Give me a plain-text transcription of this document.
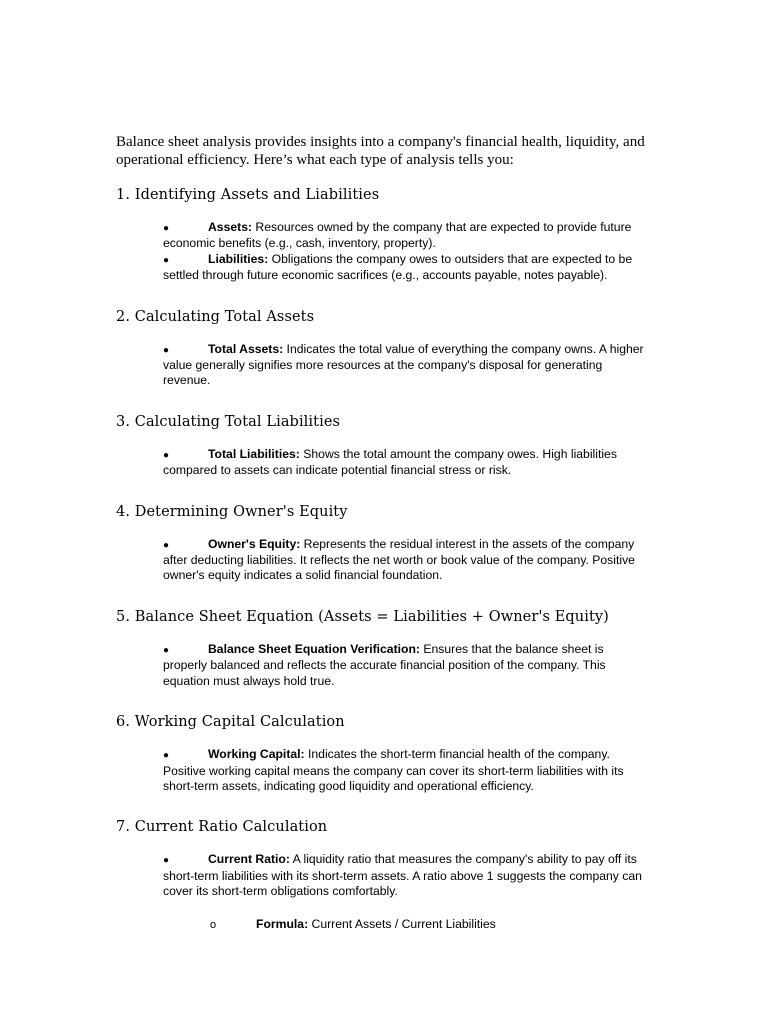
Balance sheet analysis provides insights into a company's financial health, liquidity, and operational efficiency. Here’s what each type of analysis tells you:

1. Identifying Assets and Liabilities
●	Assets: Resources owned by the company that are expected to provide future economic benefits (e.g., cash, inventory, property).
●	Liabilities: Obligations the company owes to outsiders that are expected to be settled through future economic sacrifices (e.g., accounts payable, notes payable).
2. Calculating Total Assets
●	Total Assets: Indicates the total value of everything the company owns. A higher value generally signifies more resources at the company's disposal for generating revenue.
3. Calculating Total Liabilities
●	Total Liabilities: Shows the total amount the company owes. High liabilities compared to assets can indicate potential financial stress or risk.
4. Determining Owner's Equity
●	Owner's Equity: Represents the residual interest in the assets of the company after deducting liabilities. It reflects the net worth or book value of the company. Positive owner's equity indicates a solid financial foundation.
5. Balance Sheet Equation (Assets = Liabilities + Owner's Equity)
●	Balance Sheet Equation Verification: Ensures that the balance sheet is properly balanced and reflects the accurate financial position of the company. This equation must always hold true.
6. Working Capital Calculation
●	Working Capital: Indicates the short-term financial health of the company. Positive working capital means the company can cover its short-term liabilities with its short-term assets, indicating good liquidity and operational efficiency.
7. Current Ratio Calculation
●	Current Ratio: A liquidity ratio that measures the company's ability to pay off its short-term liabilities with its short-term assets. A ratio above 1 suggests the company can cover its short-term obligations comfortably.
o	Formula: Current Assets / Current Liabilities
